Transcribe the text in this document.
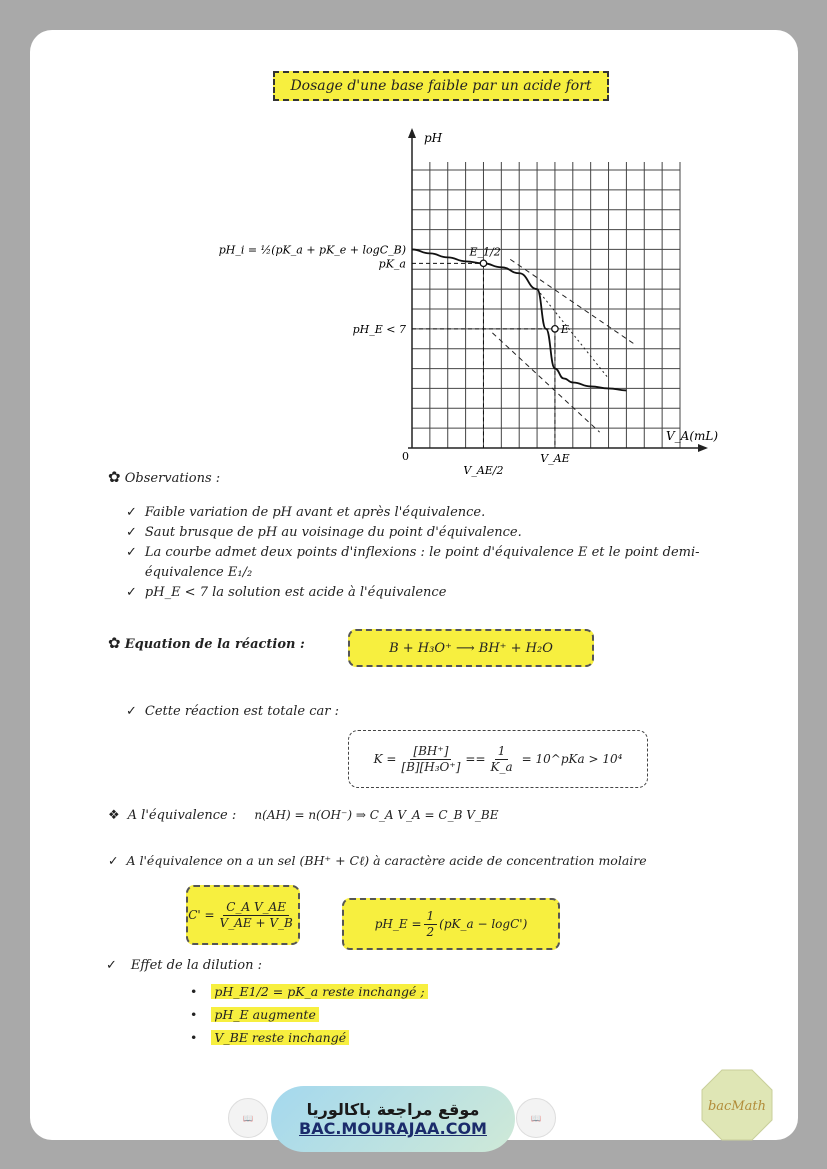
Dosage d'une base faible par un acide fort
pH
V_A(mL)
0
E_1/2
E
pH_i = ½(pK_a + pK_e + logC_B)
pK_a
pH_E < 7
V_AE/2
V_AE
✿ Observations :
✓ Faible variation de pH avant et après l'équivalence.
✓ Saut brusque de pH au voisinage du point d'équivalence.
✓ La courbe admet deux points d'inflexions : le point d'équivalence E et le point demi-équivalence E₁/₂
✓ pH_E < 7 la solution est acide à l'équivalence
✿ Equation de la réaction :	B + H₃O⁺ ⟶ BH⁺ + H₂O
✓ Cette réaction est totale car :
$K = \frac{[BH^+]}{\text{[B][H₃O⁺]}} == \frac{1}{K\_a}$ = 10^pKa > 10⁴
❖ A l'équivalence : n(AH) = n(OH⁻) ⇒ C_A V_A = C_B V_BE
✓ A l'équivalence on a un sel (BH⁺ + Cℓ) à caractère acide de concentration molaire
$C' = \frac{\text{C\_A V\_AE}}{V\_AE + V\_B}$	pH_E = $\frac{1}{2}$ (pK_a − logC')
✓ Effet de la dilution :
• pH_E1/2 = pK_a reste inchangé ;
• pH_E augmente
• V_BE reste inchangé
📖	موقع مراجعة باكالوريا
BAC.MOURAJAA.COM
📖
bacMath
